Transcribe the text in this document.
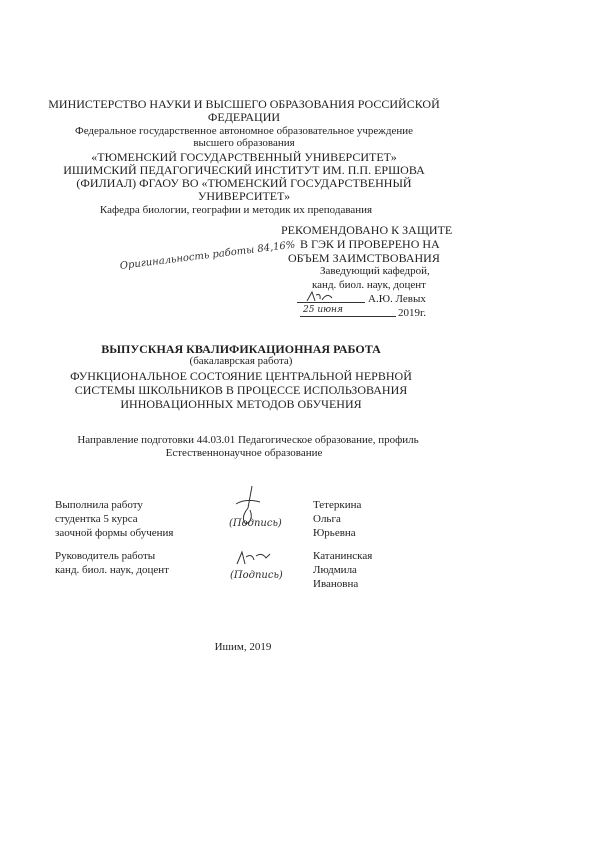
МИНИСТЕРСТВО НАУКИ И ВЫСШЕГО ОБРАЗОВАНИЯ РОССИЙСКОЙ
ФЕДЕРАЦИИ
Федеральное государственное автономное образовательное учреждение
высшего образования
«ТЮМЕНСКИЙ ГОСУДАРСТВЕННЫЙ УНИВЕРСИТЕТ»
ИШИМСКИЙ ПЕДАГОГИЧЕСКИЙ ИНСТИТУТ ИМ. П.П. ЕРШОВА
(ФИЛИАЛ) ФГАОУ ВО «ТЮМЕНСКИЙ ГОСУДАРСТВЕННЫЙ
УНИВЕРСИТЕТ»
Кафедра биологии, географии и методик их преподавания
РЕКОМЕНДОВАНО К ЗАЩИТЕ
В ГЭК И ПРОВЕРЕНО НА
ОБЪЕМ ЗАИМСТВОВАНИЯ
Заведующий кафедрой,
канд. биол. наук, доцент
Оригинальность работы 84,16%
А.Ю. Левых
25 июня	2019г.
ВЫПУСКНАЯ КВАЛИФИКАЦИОННАЯ РАБОТА
(бакалаврская работа)
ФУНКЦИОНАЛЬНОЕ СОСТОЯНИЕ ЦЕНТРАЛЬНОЙ НЕРВНОЙ
СИСТЕМЫ ШКОЛЬНИКОВ В ПРОЦЕССЕ ИСПОЛЬЗОВАНИЯ
ИННОВАЦИОННЫХ МЕТОДОВ ОБУЧЕНИЯ
Направление подготовки 44.03.01 Педагогическое образование, профиль
Естественнонаучное образование
Выполнила работу
студентка 5 курса
заочной формы обучения
(Подпись)
Тетеркина
Ольга
Юрьевна
Руководитель работы
канд. биол. наук, доцент	(Подпись)
Катанинская
Людмила
Ивановна
Ишим, 2019
